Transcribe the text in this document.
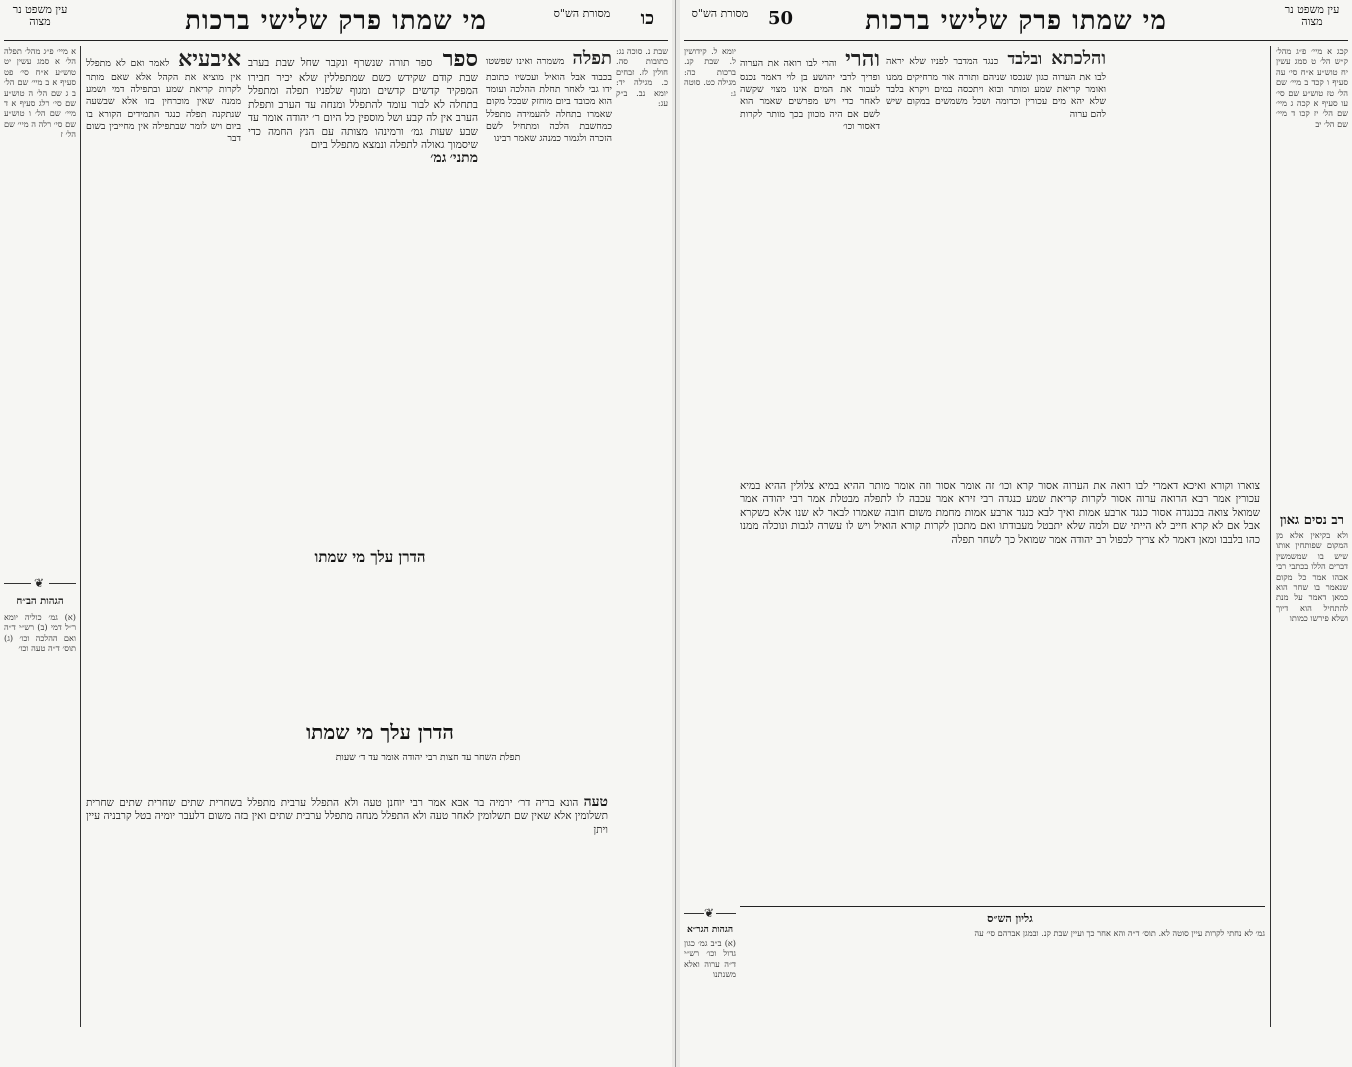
עין משפט נר מצוה	כו
מי שמתו פרק שלישי ברכות	מסורת הש"ס
א מיי׳ פ״ג מהל׳ תפלה הל׳ א סמג עשין יט טוש״ע א״ח סי׳ פט סעיף א ב מיי׳ שם הל׳ ב ג שם הל׳ ה טוש״ע שם סי׳ רלג סעיף א ד מיי׳ שם הל׳ ו טוש״ע שם סי׳ רלה ה מיי׳ שם הל׳ ז
איבעיא לאמר ואם לא מתפלל אין מוציא את הקהל אלא שאם מותר לקרות קריאת שמע ובתפילה דמי ושמע ממנה שאין מוכרחין בזו אלא שבשעה שנתקנה תפלה כנגד התמידים הקורא בו ביום ויש לומר שבתפילה אין מחייבין בשום דבר
ספר ספר תורה שנשרף ונקבר שחל שבת בערב שבת קודם שקידש כשם שמתפללין שלא יכיר חבירו המפקיד קדשים קדשים ומגוף שלפניו תפלה ומתפלל בתחלה לא לבור עומד להתפלל ומנחה עד הערב ותפלת הערב אין לה קבע ושל מוספין כל היום ר׳ יהודה אומר עד שבע שעות גמ׳ ורמינהו מצותה עם הנץ החמה כדי שיסמוך גאולה לתפלה ונמצא מתפלל ביום
מתני׳ גמ׳
תפלה משמרה ואינו שפשטו בכבוד אבל הואיל ועכשיו כתובת ידו גבי לאחר תחלת ההלכה ועומד הוא מכובד ביום מוחזק שבכל מקום שאמרו בתחלה להעמידה מתפלל כמחשבת הלכה ומתחיל לשם הזכרה ולגמור כמנהג שאמר רבינו
שבת נ. סוכה נג: כתובות סה. חולין לז. זבחים כ. מגילה יד: יומא נב. ב״ק עג:
הדרן עלך מי שמתו
הדרן עלך מי שמתו
❦
הגהות הב״ח
(א) גמ׳ כוליה יומא ר״ל דמי (ב) רש״י ד״ה ואם ההלכה וכו׳ (ג) תוס׳ ד״ה טעה וכו׳
תפלת השחר עד חצות רבי יהודה אומר עד ד׳ שעות
טעה הונא בריה דר׳ ירמיה בר אבא אמר רבי יוחנן טעה ולא התפלל ערבית מתפלל בשחרית שתים שחרית שתים שחרית תשלומין אלא שאין שם תשלומין לאחר טעה ולא התפלל מנחה מתפלל ערבית שתים ואין בזה משום דלעבר יומיה בטל קרבניה עיין ויתן
עין משפט נר מצוה
50	מי שמתו פרק שלישי ברכות
מסורת הש"ס
יומא ל. קידושין ל. שבת קנ. ברכות כה: מגילה כט. סוטה ג:
והרי והרי לבו רואה את הערוה ופריך לרבי יהושע בן לוי דאמר נכנס לעבור את המים אינו מצוי שקשה לאחר כדי ויש מפרשים שאמר הוא לשם אם היה מכוון בכך מותר לקרות דאסור וכו׳
והלכתא ובלבד כנגד המדבר לפניו שלא יראה לבו את הערוה כגון שנכסו שניהם ותורה אור מרחיקים ממנו ואומר קריאת שמע ומותר ובוא ויתכסה במים ויקרא בלבד שלא יהא מים עכורין וכדומה ושכל משמשים במקום שיש להם ערוה
צוארו וקורא ואיכא דאמרי לבו רואה את הערוה אסור קרא וכו׳ זה אומר אסור וזה אומר מותר ההיא במיא צלולין ההיא במיא עכורין אמר רבא הרואה ערוה אסור לקרות קריאת שמע כנגדה רבי זירא אמר עכבה לו לתפלה מבטלת אמר רבי יהודה אמר שמואל צואה בכנגדה אסור כנגד ארבע אמות ואיך לבא כנגד ארבע אמות מחמת משום חובה שאמרו לבאר לא שנו אלא כשקרא אבל אם לא קרא חייב לא הייתי שם ולמה שלא יתבטל מעבודתו ואם מתכון לקרות קורא הואיל ויש לו עשרה לגבות ונוכלה ממנו כהו בלבבו ומאן דאמר לא צריך לכפול רב יהודה אמר שמואל כך לשחר תפלה
קכג א מיי׳ פ״ג מהל׳ ק״ש הל׳ ט סמג עשין יח טוש״ע א״ח סי׳ עה סעיף ו קכד ב מיי׳ שם הל׳ טז טוש״ע שם סי׳ עו סעיף א קכה ג מיי׳ שם הל׳ יז קכו ד מיי׳ שם הל׳ יב
רב נסים גאון
ולא בקיאין אלא מן המקום שפותחין אותו שיש בו שמשמשין דברים הללו בכתבי רבי אבהו אמר כל מקום שנאמר בו שחר הוא כמאן דאמר על מנת להתחיל הוא דיוך ושלא פירשו כמותו
❦
הגהות הגר״א
(א) ב״ב גמ׳ כגון גדול וכו׳ רש״י ד״ה ערוה ואלא משנתנו
גליון הש״ס
גמ׳ לא נחתי לקרות עיין סוטה לא. תוס׳ ד״ה והא אחר כך ועיין שבת קנ. ובמגן אברהם סי׳ עה
